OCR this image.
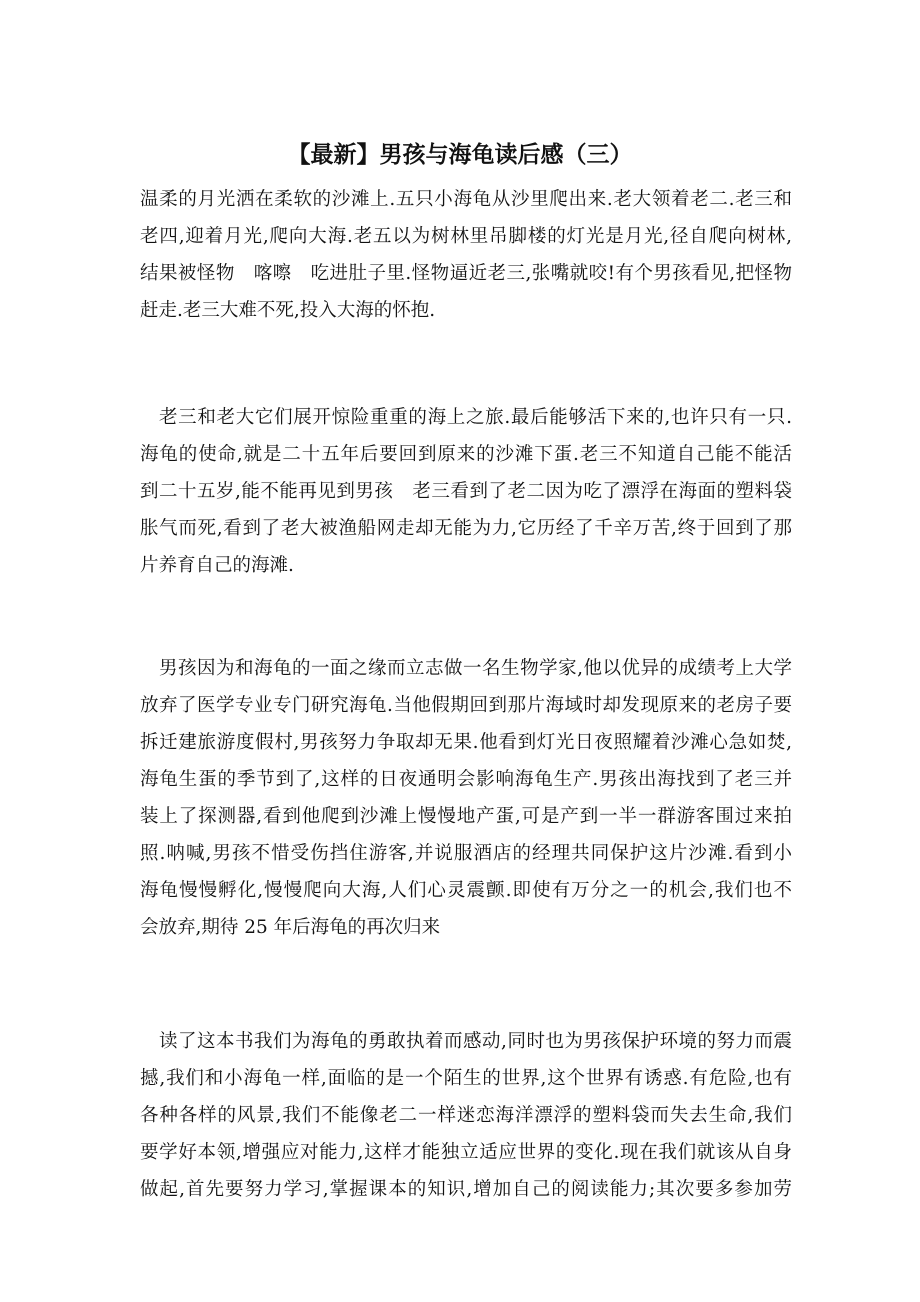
【最新】男孩与海龟读后感（三）
温柔的月光洒在柔软的沙滩上.五只小海龟从沙里爬出来.老大领着老二.老三和
老四,迎着月光,爬向大海.老五以为树林里吊脚楼的灯光是月光,径自爬向树林,
结果被怪物　喀嚓　吃进肚子里.怪物逼近老三,张嘴就咬!有个男孩看见,把怪物
赶走.老三大难不死,投入大海的怀抱.
老三和老大它们展开惊险重重的海上之旅.最后能够活下来的,也许只有一只.
海龟的使命,就是二十五年后要回到原来的沙滩下蛋.老三不知道自己能不能活
到二十五岁,能不能再见到男孩　老三看到了老二因为吃了漂浮在海面的塑料袋
胀气而死,看到了老大被渔船网走却无能为力,它历经了千辛万苦,终于回到了那
片养育自己的海滩.
男孩因为和海龟的一面之缘而立志做一名生物学家,他以优异的成绩考上大学
放弃了医学专业专门研究海龟.当他假期回到那片海域时却发现原来的老房子要
拆迁建旅游度假村,男孩努力争取却无果.他看到灯光日夜照耀着沙滩心急如焚,
海龟生蛋的季节到了,这样的日夜通明会影响海龟生产.男孩出海找到了老三并
装上了探测器,看到他爬到沙滩上慢慢地产蛋,可是产到一半一群游客围过来拍
照.呐喊,男孩不惜受伤挡住游客,并说服酒店的经理共同保护这片沙滩.看到小
海龟慢慢孵化,慢慢爬向大海,人们心灵震颤.即使有万分之一的机会,我们也不
会放弃,期待 25 年后海龟的再次归来
读了这本书我们为海龟的勇敢执着而感动,同时也为男孩保护环境的努力而震
撼,我们和小海龟一样,面临的是一个陌生的世界,这个世界有诱惑.有危险,也有
各种各样的风景,我们不能像老二一样迷恋海洋漂浮的塑料袋而失去生命,我们
要学好本领,增强应对能力,这样才能独立适应世界的变化.现在我们就该从自身
做起,首先要努力学习,掌握课本的知识,增加自己的阅读能力;其次要多参加劳
